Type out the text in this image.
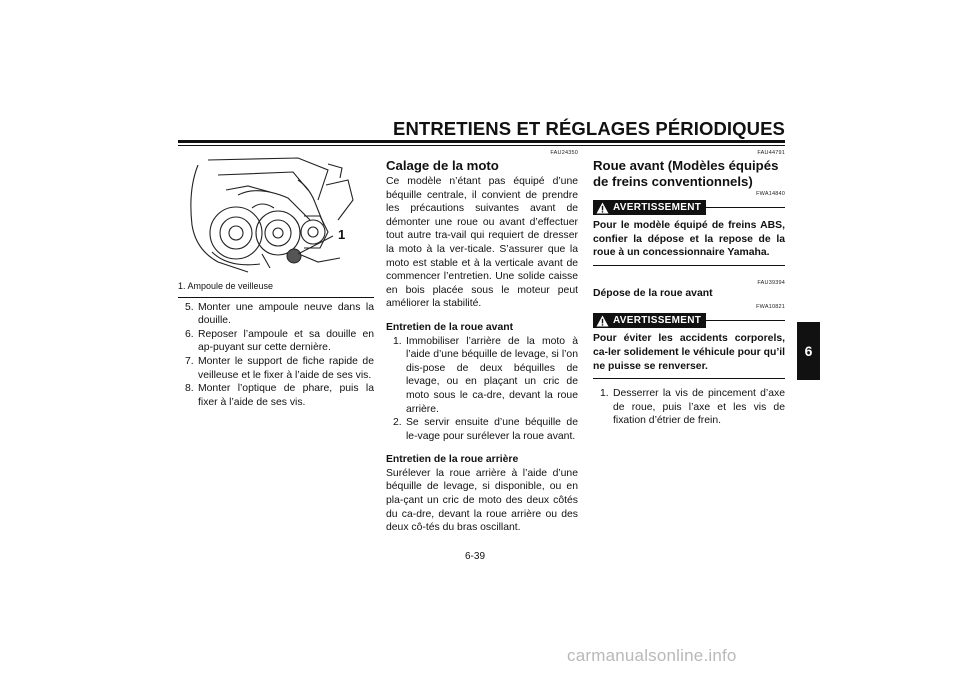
ENTRETIENS ET RÉGLAGES PÉRIODIQUES
6
1
1. Ampoule de veilleuse
5. Monter une ampoule neuve dans la douille.
6. Reposer l’ampoule et sa douille en ap-puyant sur cette dernière.
7. Monter le support de fiche rapide de veilleuse et le fixer à l’aide de ses vis.
8. Monter l’optique de phare, puis la fixer à l’aide de ses vis.
FAU24350
Calage de la moto
Ce modèle n’étant pas équipé d’une béquille centrale, il convient de prendre les précautions suivantes avant de démonter une roue ou avant d’effectuer tout autre tra-vail qui requiert de dresser la moto à la ver-ticale. S’assurer que la moto est stable et à la verticale avant de commencer l’entretien. Une solide caisse en bois placée sous le moteur peut améliorer la stabilité.
Entretien de la roue avant
1. Immobiliser l’arrière de la moto à l’aide d’une béquille de levage, si l’on dis-pose de deux béquilles de levage, ou en plaçant un cric de moto sous le ca-dre, devant la roue arrière.
2. Se servir ensuite d’une béquille de le-vage pour surélever la roue avant.
Entretien de la roue arrière
Surélever la roue arrière à l’aide d’une béquille de levage, si disponible, ou en pla-çant un cric de moto des deux côtés du ca-dre, devant la roue arrière ou des deux cô-tés du bras oscillant.
FAU44791
Roue avant (Modèles équipés de freins conventionnels)
FWA14840
AVERTISSEMENT
Pour le modèle équipé de freins ABS, confier la dépose et la repose de la roue à un concessionnaire Yamaha.
FAU39394
Dépose de la roue avant
FWA10821
AVERTISSEMENT
Pour éviter les accidents corporels, ca-ler solidement le véhicule pour qu’il ne puisse se renverser.
1. Desserrer la vis de pincement d’axe de roue, puis l’axe et les vis de fixation d’étrier de frein.
6-39
carmanualsonline.info
